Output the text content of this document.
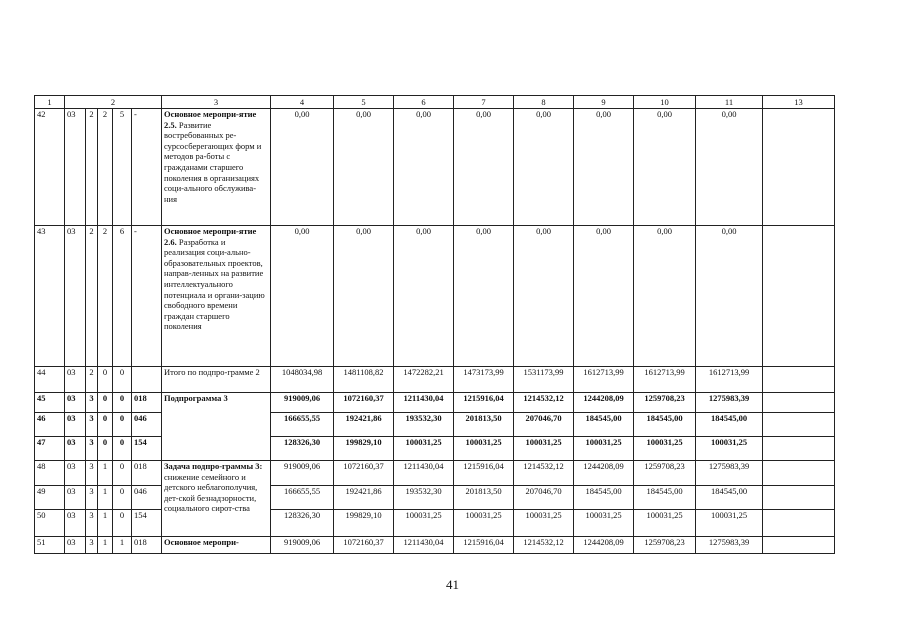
1	2					3	4	5	6	7	8	9	10	11	13
42	03	2	2	5	-	Основное меропри-ятие 2.5. Развитие востребованных ре-сурсосберегающих форм и методов ра-боты с гражданами старшего поколения в организациях соци-ального обслужива-ния	0,00	0,00	0,00	0,00	0,00	0,00	0,00	0,00	
43	03	2	2	6	-	Основное меропри-ятие 2.6. Разработка и реализация соци-ально-образовательных проектов, направ-ленных на развитие интеллектуального потенциала и органи-зацию свободного времени граждан старшего поколения	0,00	0,00	0,00	0,00	0,00	0,00	0,00	0,00	
44	03	2	0	0		Итого по подпро-грамме 2	1048034,98	1481108,82	1472282,21	1473173,99	1531173,99	1612713,99	1612713,99	1612713,99	
45	03	3	0	0	018	Подпрограмма 3	919009,06	1072160,37	1211430,04	1215916,04	1214532,12	1244208,09	1259708,23	1275983,39	
46	03	3	0	0	046		166655,55	192421,86	193532,30	201813,50	207046,70	184545,00	184545,00	184545,00	
47	03	3	0	0	154		128326,30	199829,10	100031,25	100031,25	100031,25	100031,25	100031,25	100031,25	
48	03	3	1	0	018	Задача подпро-граммы 3: снижение семейного и детского неблагополучия, дет-ской безнадзорности, социального сирот-ства	919009,06	1072160,37	1211430,04	1215916,04	1214532,12	1244208,09	1259708,23	1275983,39	
49	03	3	1	0	046		166655,55	192421,86	193532,30	201813,50	207046,70	184545,00	184545,00	184545,00	
50	03	3	1	0	154		128326,30	199829,10	100031,25	100031,25	100031,25	100031,25	100031,25	100031,25	
51	03	3	1	1	018	Основное меропри-	919009,06	1072160,37	1211430,04	1215916,04	1214532,12	1244208,09	1259708,23	1275983,39	
41
